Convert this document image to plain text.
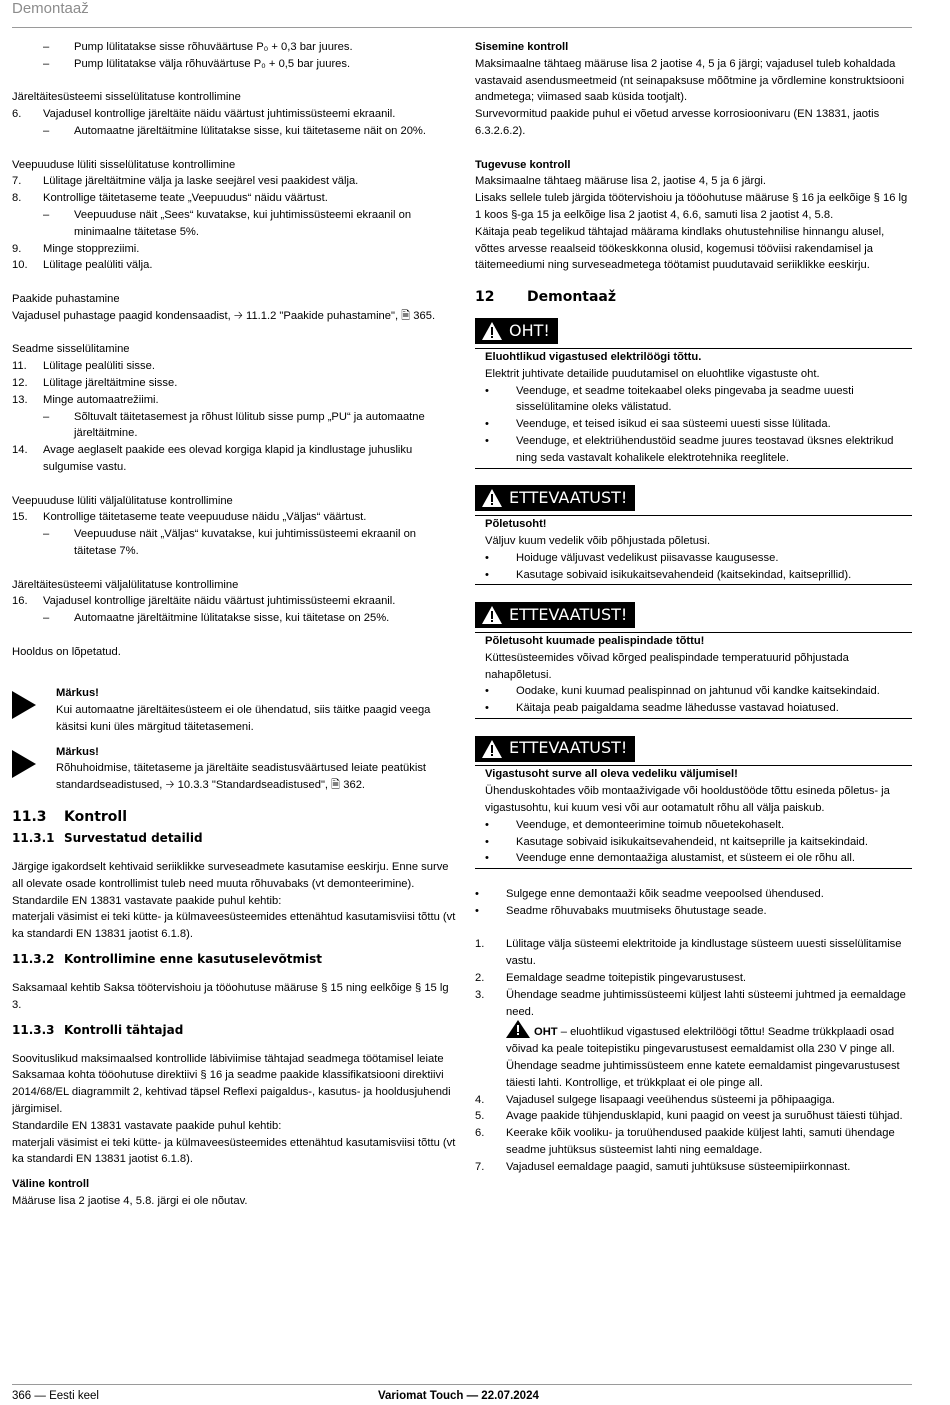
Demontaaž
– Pump lülitatakse sisse rõhuväärtuse P₀ + 0,3 bar juures.
– Pump lülitatakse välja rõhuväärtuse P₀ + 0,5 bar juures.

Järeltäitesüsteemi sisselülitatuse kontrollimine

6. Vajadusel kontrollige järeltäite näidu väärtust juhtimissüsteemi ekraanil.
– Automaatne järeltäitmine lülitatakse sisse, kui täitetaseme näit on 20%.

Veepuuduse lüliti sisselülitatuse kontrollimine

7. Lülitage järeltäitmine välja ja laske seejärel vesi paakidest välja.
8. Kontrollige täitetaseme teate „Veepuudus“ näidu väärtust.
– Veepuuduse näit „Sees“ kuvatakse, kui juhtimissüsteemi ekraanil on minimaalne täitetase 5%.
9. Minge stoppreziimi.
10. Lülitage pealüliti välja.

Paakide puhastamine

Vajadusel puhastage paagid kondensaadist, 🡢 11.1.2 "Paakide puhastamine", 🗎 365.

Seadme sisselülitamine

11. Lülitage pealüliti sisse.
12. Lülitage järeltäitmine sisse.
13. Minge automaatrežiimi.
– Sõltuvalt täitetasemest ja rõhust lülitub sisse pump „PU“ ja automaatne järeltäitmine.
14. Avage aeglaselt paakide ees olevad korgiga klapid ja kindlustage juhusliku sulgumise vastu.

Veepuuduse lüliti väljalülitatuse kontrollimine

15. Kontrollige täitetaseme teate veepuuduse näidu „Väljas“ väärtust.
– Veepuuduse näit „Väljas“ kuvatakse, kui juhtimissüsteemi ekraanil on täitetase 7%.

Järeltäitesüsteemi väljalülitatuse kontrollimine

16. Vajadusel kontrollige järeltäite näidu väärtust juhtimissüsteemi ekraanil.
– Automaatne järeltäitmine lülitatakse sisse, kui täitetase on 25%.

Hooldus on lõpetatud.

Märkus!
Kui automaatne järeltäitesüsteem ei ole ühendatud, siis täitke paagid veega käsitsi kuni üles märgitud täitetasemeni.
Märkus!
Rõhuhoidmise, täitetaseme ja järeltäite seadistusväärtused leiate peatükist standardseadistused, 🡢 10.3.3 "Standardseadistused", 🗎 362.
11.3 Kontroll
11.3.1 Survestatud detailid

Järgige igakordselt kehtivaid seriiklikke surveseadmete kasutamise eeskirju. Enne surve all olevate osade kontrollimist tuleb need muuta rõhuvabaks (vt demonteerimine).

Standardile EN 13831 vastavate paakide puhul kehtib:

materjali väsimist ei teki kütte- ja külmaveesüsteemides ettenähtud kasutamisviisi tõttu (vt ka standardi EN 13831 jaotist 6.1.8).

11.3.2 Kontrollimine enne kasutuselevõtmist

Saksamaal kehtib Saksa töötervishoiu ja tööohutuse määruse § 15 ning eelkõige § 15 lg 3.

11.3.3 Kontrolli tähtajad

Soovituslikud maksimaalsed kontrollide läbiviimise tähtajad seadmega töötamisel leiate Saksamaa kohta tööohutuse direktiivi § 16 ja seadme paakide klassifikatsiooni direktiivi 2014/68/EL diagrammilt 2, kehtivad täpsel Reflexi paigaldus-, kasutus- ja hooldusjuhendi järgimisel.

Standardile EN 13831 vastavate paakide puhul kehtib:

materjali väsimist ei teki kütte- ja külmaveesüsteemides ettenähtud kasutamisviisi tõttu (vt ka standardi EN 13831 jaotist 6.1.8).

Väline kontroll

Määruse lisa 2 jaotise 4, 5.8. järgi ei ole nõutav.

Sisemine kontroll

Maksimaalne tähtaeg määruse lisa 2 jaotise 4, 5 ja 6 järgi; vajadusel tuleb kohaldada vastavaid asendusmeetmeid (nt seinapaksuse mõõtmine ja võrdlemine konstruktsiooni andmetega; viimased saab küsida tootjalt).

Survevormitud paakide puhul ei võetud arvesse korrosioonivaru (EN 13831, jaotis 6.3.2.6.2).

Tugevuse kontroll

Maksimaalne tähtaeg määruse lisa 2, jaotise 4, 5 ja 6 järgi.

Lisaks sellele tuleb järgida töötervishoiu ja tööohutuse määruse § 16 ja eelkõige § 16 lg 1 koos §-ga 15 ja eelkõige lisa 2 jaotist 4, 6.6, samuti lisa 2 jaotist 4, 5.8.

Käitaja peab tegelikud tähtajad määrama kindlaks ohutustehnilise hinnangu alusel, võttes arvesse reaalseid töökeskkonna olusid, kogemusi tööviisi rakendamisel ja täitemeediumi ning surveseadmetega töötamist puudutavaid seriiklikke eeskirju.

12 Demontaaž
OHT!
Eluohtlikud vigastused elektrilöögi tõttu.
Elektrit juhtivate detailide puudutamisel on eluohtlike vigastuste oht.
• Veenduge, et seadme toitekaabel oleks pingevaba ja seadme uuesti sisselülitamine oleks välistatud.
• Veenduge, et teised isikud ei saa süsteemi uuesti sisse lülitada.
• Veenduge, et elektriühendustöid seadme juures teostavad üksnes elektrikud ning seda vastavalt kohalikele elektrotehnika reeglitele.
ETTEVAATUST!
Põletusoht!
Väljuv kuum vedelik võib põhjustada põletusi.
• Hoiduge väljuvast vedelikust piisavasse kaugusesse.
• Kasutage sobivaid isikukaitsevahendeid (kaitsekindad, kaitseprillid).
ETTEVAATUST!
Põletusoht kuumade pealispindade tõttu!
Küttesüsteemides võivad kõrged pealispindade temperatuurid põhjustada nahapõletusi.
• Oodake, kuni kuumad pealispinnad on jahtunud või kandke kaitsekindaid.
• Käitaja peab paigaldama seadme lähedusse vastavad hoiatused.
ETTEVAATUST!
Vigastusoht surve all oleva vedeliku väljumisel!
Ühenduskohtades võib montaaživigade või hooldustööde tõttu esineda põletus- ja vigastusohtu, kui kuum vesi või aur ootamatult rõhu all välja paiskub.
• Veenduge, et demonteerimine toimub nõuetekohaselt.
• Kasutage sobivaid isikukaitsevahendeid, nt kaitseprille ja kaitsekindaid.
• Veenduge enne demontaažiga alustamist, et süsteem ei ole rõhu all.
• Sulgege enne demontaaži kõik seadme veepoolsed ühendused.
• Seadme rõhuvabaks muutmiseks õhutustage seade.
1. Lülitage välja süsteemi elektritoide ja kindlustage süsteem uuesti sisselülitamise vastu.
2. Eemaldage seadme toitepistik pingevarustusest.
3. Ühendage seadme juhtimissüsteemi küljest lahti süsteemi juhtmed ja eemaldage need.
OHT – eluohtlikud vigastused elektrilöögi tõttu! Seadme trükkplaadi osad võivad ka peale toitepistiku pingevarustusest eemaldamist olla 230 V pinge all. Ühendage seadme juhtimissüsteem enne katete eemaldamist pingevarustusest täiesti lahti. Kontrollige, et trükkplaat ei ole pinge all.
4. Vajadusel sulgege lisapaagi veeühendus süsteemi ja põhipaagiga.
5. Avage paakide tühjendusklapid, kuni paagid on veest ja suruõhust täiesti tühjad.
6. Keerake kõik vooliku- ja toruühendused paakide küljest lahti, samuti ühendage seadme juhtüksus süsteemist lahti ning eemaldage.
7. Vajadusel eemaldage paagid, samuti juhtüksuse süsteemipiirkonnast.
366 — Eesti keel	Variomat Touch — 22.07.2024
